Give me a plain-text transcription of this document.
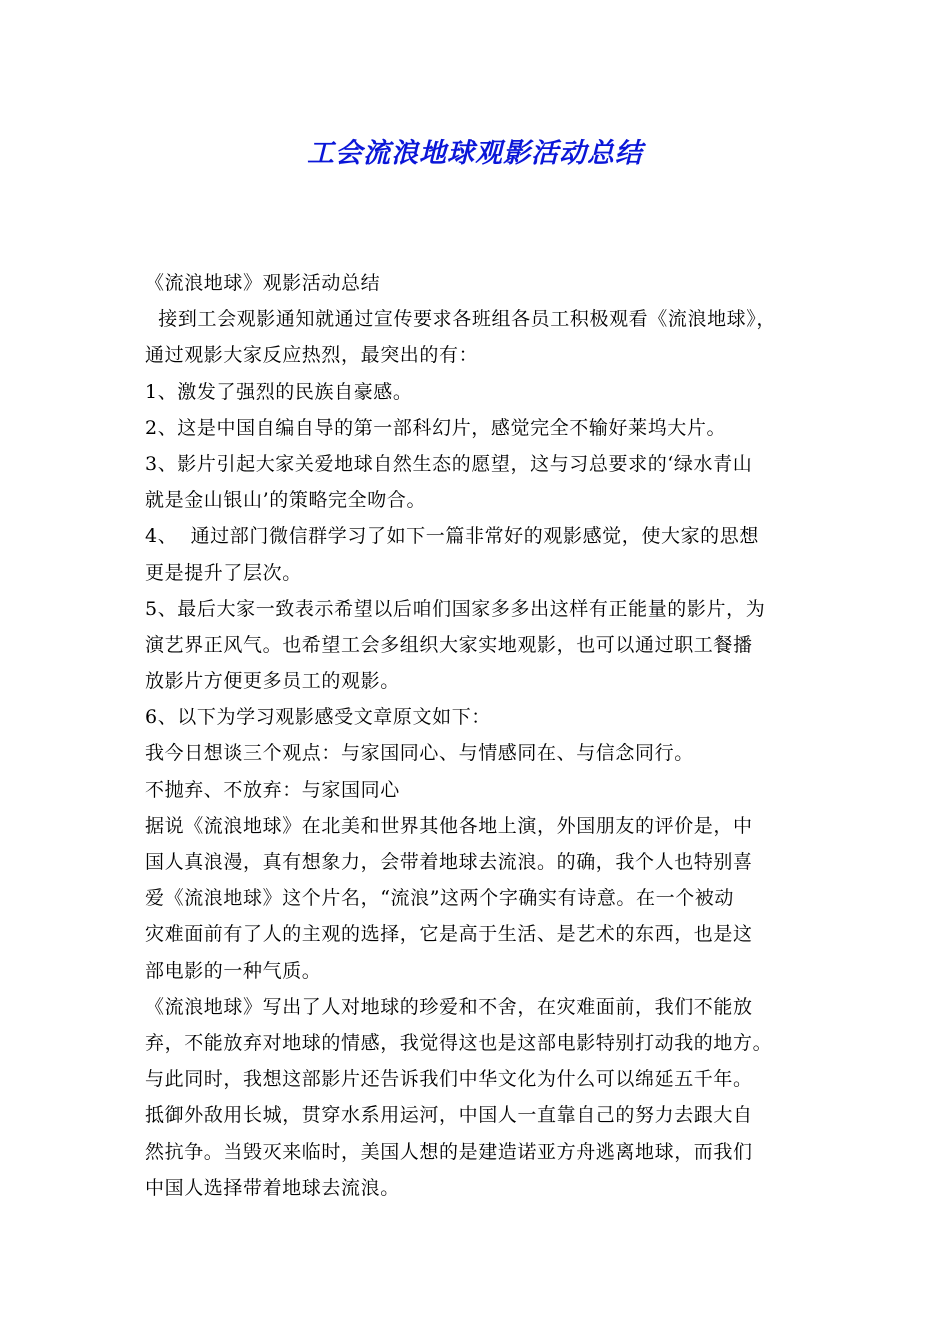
工会流浪地球观影活动总结
《流浪地球》观影活动总结
接到工会观影通知就通过宣传要求各班组各员工积极观看《流浪地球》，
通过观影大家反应热烈，最突出的有：
1、激发了强烈的民族自豪感。
2、这是中国自编自导的第一部科幻片，感觉完全不输好莱坞大片。
3、影片引起大家关爱地球自然生态的愿望，这与习总要求的‘绿水青山
就是金山银山’的策略完全吻合。
4、  通过部门微信群学习了如下一篇非常好的观影感觉，使大家的思想
更是提升了层次。
5、最后大家一致表示希望以后咱们国家多多出这样有正能量的影片，为
演艺界正风气。也希望工会多组织大家实地观影，也可以通过职工餐播
放影片方便更多员工的观影。
6、以下为学习观影感受文章原文如下：
我今日想谈三个观点：与家国同心、与情感同在、与信念同行。
不抛弃、不放弃：与家国同心
据说《流浪地球》在北美和世界其他各地上演，外国朋友的评价是，中
国人真浪漫，真有想象力，会带着地球去流浪。的确，我个人也特别喜
爱《流浪地球》这个片名，“流浪”这两个字确实有诗意。在一个被动
灾难面前有了人的主观的选择，它是高于生活、是艺术的东西，也是这
部电影的一种气质。
《流浪地球》写出了人对地球的珍爱和不舍，在灾难面前，我们不能放
弃，不能放弃对地球的情感，我觉得这也是这部电影特别打动我的地方。
与此同时，我想这部影片还告诉我们中华文化为什么可以绵延五千年。
抵御外敌用长城，贯穿水系用运河，中国人一直靠自己的努力去跟大自
然抗争。当毁灭来临时，美国人想的是建造诺亚方舟逃离地球，而我们
中国人选择带着地球去流浪。
